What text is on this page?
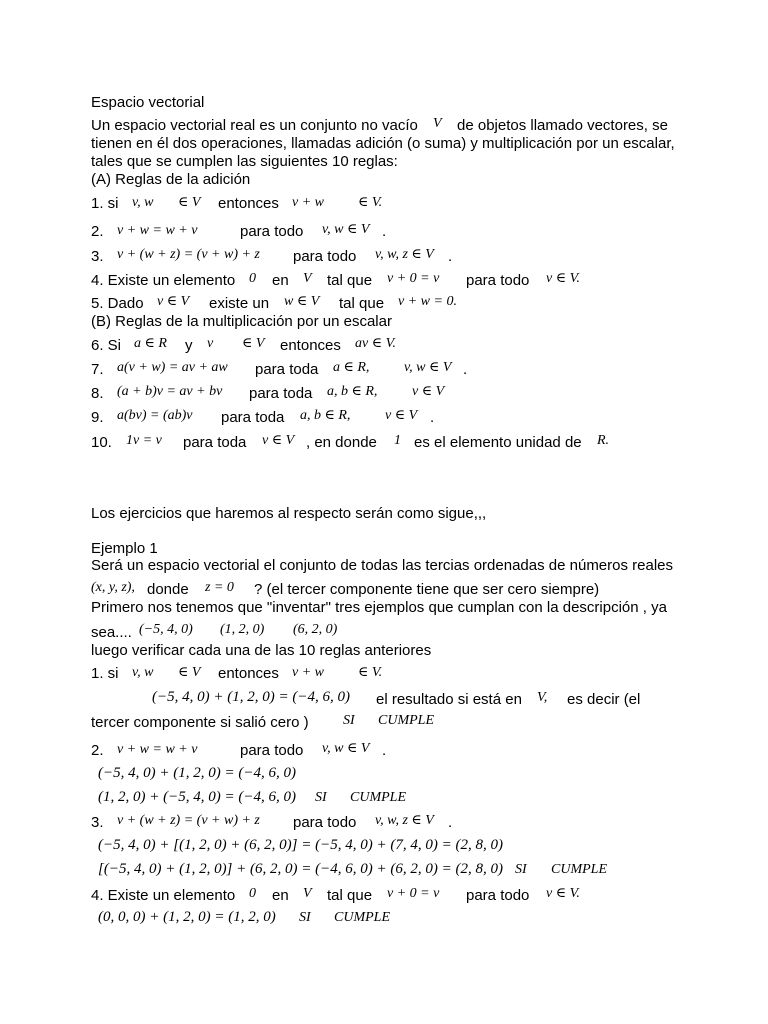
Espacio vectorial
Un espacio vectorial real es un conjunto no vacío V de objetos llamado vectores, se
tienen en él dos operaciones, llamadas adición (o suma) y multiplicación por un escalar,
tales que se cumplen las siguientes 10 reglas:
(A) Reglas de la adición
1. si v, w ∈ V entonces v + w ∈ V.
2. v + w = w + v	para todo v, w ∈ V .
3. v + (w + z) = (v + w) + z para todo v, w, z ∈ V .
4. Existe un elemento 0 en V tal que v + 0 = v para todo v ∈ V.
5. Dado v ∈ V existe un w ∈ V tal que v + w = 0.
(B) Reglas de la multiplicación por un escalar
6. Si a ∈ R y v ∈ V entonces av ∈ V.
7. a(v + w) = av + aw para toda a ∈ R, v, w ∈ V .
8. (a + b)v = av + bv para toda a, b ∈ R, v ∈ V
9. a(bv) = (ab)v para toda a, b ∈ R, v ∈ V .
10. 1v = v para toda v ∈ V , en donde 1 es el elemento unidad de R.
Los ejercicios que haremos al respecto serán como sigue,,,
Ejemplo 1
Será un espacio vectorial el conjunto de todas las tercias ordenadas de números reales
(x, y, z), donde z = 0 ? (el tercer componente tiene que ser cero siempre)
Primero nos tenemos que "inventar" tres ejemplos que cumplan con la descripción , ya
sea.... (−5, 4, 0) (1, 2, 0) (6, 2, 0)
luego verificar cada una de las 10 reglas anteriores
1. si v, w ∈ V entonces v + w ∈ V.
(−5, 4, 0) + (1, 2, 0) = (−4, 6, 0) el resultado si está en V, es decir (el
tercer componente si salió cero ) SI CUMPLE
2. v + w = w + v	para todo v, w ∈ V .
(−5, 4, 0) + (1, 2, 0) = (−4, 6, 0)
(1, 2, 0) + (−5, 4, 0) = (−4, 6, 0) SI CUMPLE
3. v + (w + z) = (v + w) + z para todo v, w, z ∈ V .
(−5, 4, 0) + [(1, 2, 0) + (6, 2, 0)] = (−5, 4, 0) + (7, 4, 0) = (2, 8, 0)
[(−5, 4, 0) + (1, 2, 0)] + (6, 2, 0) = (−4, 6, 0) + (6, 2, 0) = (2, 8, 0) SI CUMPLE
4. Existe un elemento 0 en V tal que v + 0 = v para todo v ∈ V.
(0, 0, 0) + (1, 2, 0) = (1, 2, 0) SI CUMPLE
